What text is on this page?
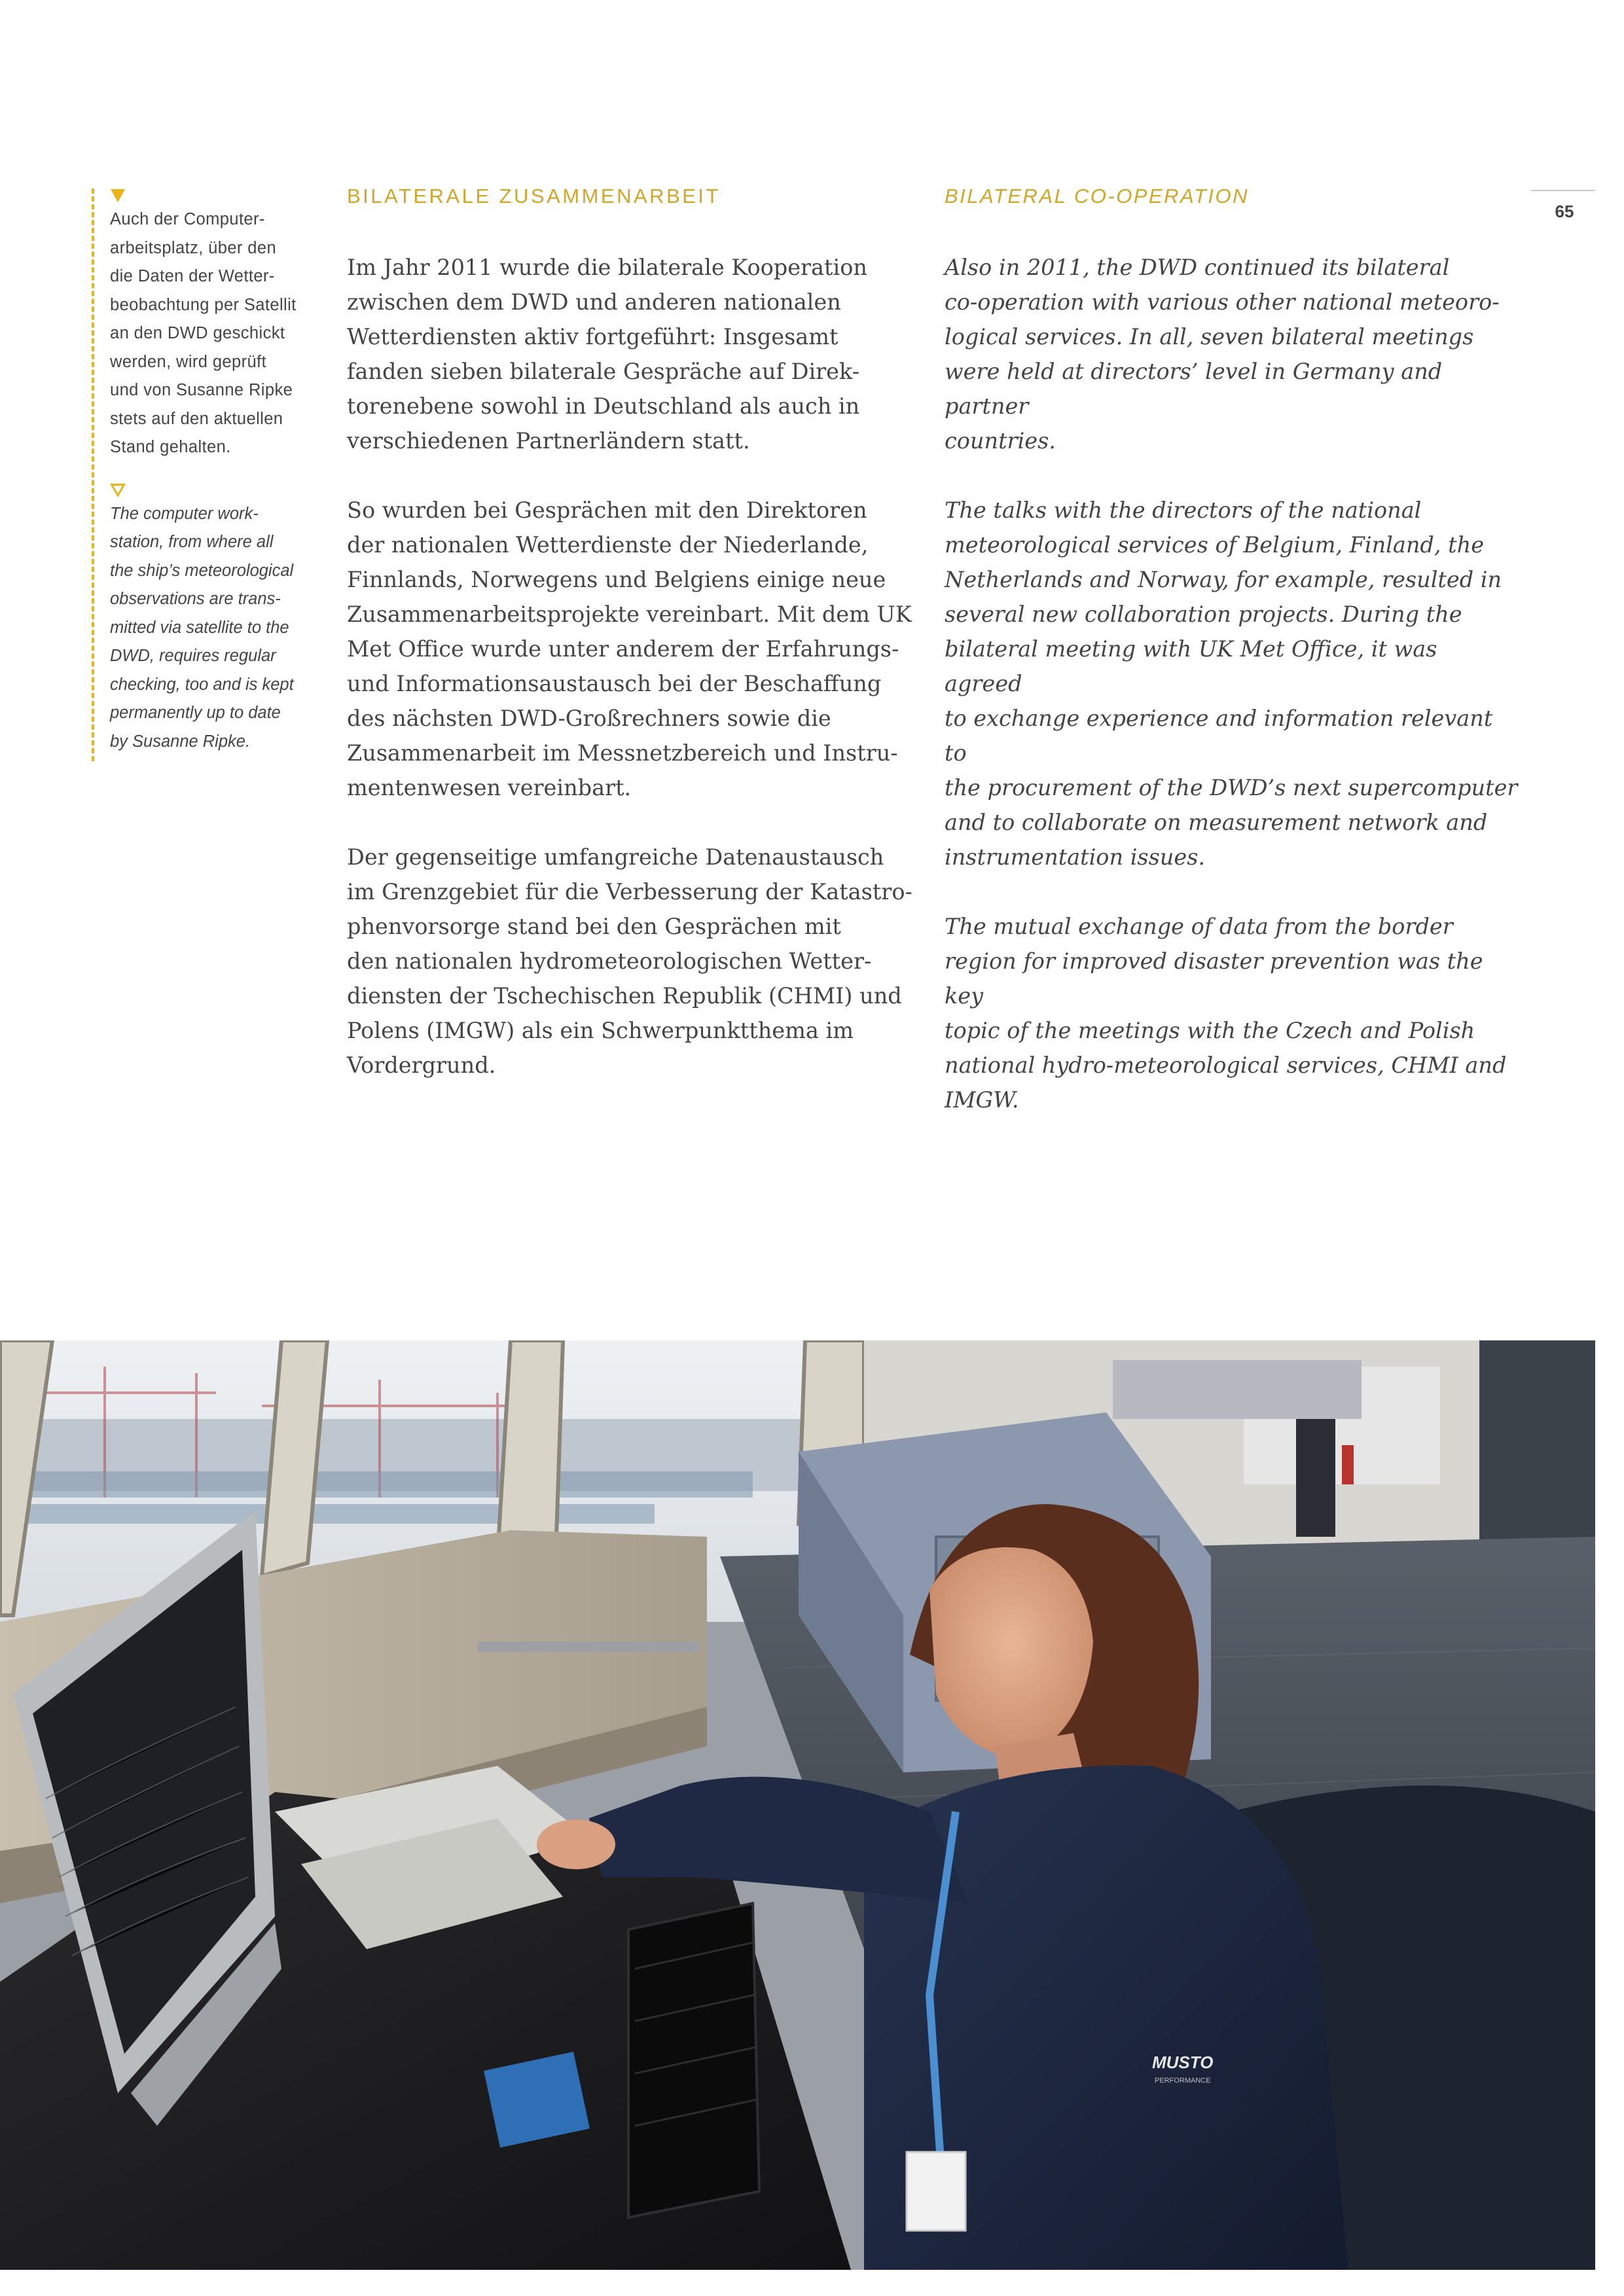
65
Auch der Computer-
arbeitsplatz, über den
die Daten der Wetter-
beobachtung per Satellit
an den DWD geschickt
werden, wird geprüft
und von Susanne Ripke
stets auf den aktuellen
Stand gehalten.
The computer work-
station, from where all
the ship’s meteorological
observations are trans-
mitted via satellite to the
DWD, requires regular
checking, too and is kept
permanently up to date
by Susanne Ripke.
BILATERALE ZUSAMMENARBEIT	BILATERAL CO-OPERATION

Im Jahr 2011 wurde die bilaterale Kooperation
zwischen dem DWD und anderen nationalen
Wetterdiensten aktiv fortgeführt: Insgesamt
fanden sieben bilaterale Gespräche auf Direk-
torenebene sowohl in Deutschland als auch in
verschiedenen Partnerländern statt.

So wurden bei Gesprächen mit den Direktoren
der nationalen Wetterdienste der Niederlande,
Finnlands, Norwegens und Belgiens einige neue
Zusammenarbeitsprojekte vereinbart. Mit dem UK
Met Office wurde unter anderem der Erfahrungs-
und Informationsaustausch bei der Beschaffung
des nächsten DWD-Großrechners sowie die
Zusammenarbeit im Messnetzbereich und Instru-
mentenwesen vereinbart.

Der gegenseitige umfangreiche Datenaustausch
im Grenzgebiet für die Verbesserung der Katastro-
phenvorsorge stand bei den Gesprächen mit
den nationalen hydrometeorologischen Wetter-
diensten der Tschechischen Republik (CHMI) und
Polens (IMGW) als ein Schwerpunktthema im
Vordergrund.

Also in 2011, the DWD continued its bilateral
co-operation with various other national meteoro-
logical services. In all, seven bilateral meetings
were held at directors’ level in Germany and partner
countries.

The talks with the directors of the national
meteorological services of Belgium, Finland, the
Netherlands and Norway, for example, resulted in
several new collaboration projects. During the
bilateral meeting with UK Met Office, it was agreed
to exchange experience and information relevant to
the procurement of the DWD’s next supercomputer
and to collaborate on measurement network and
instrumentation issues.

The mutual exchange of data from the border
region for improved disaster prevention was the key
topic of the meetings with the Czech and Polish
national hydro-meteorological services, CHMI and
IMGW.

MUSTO
PERFORMANCE
